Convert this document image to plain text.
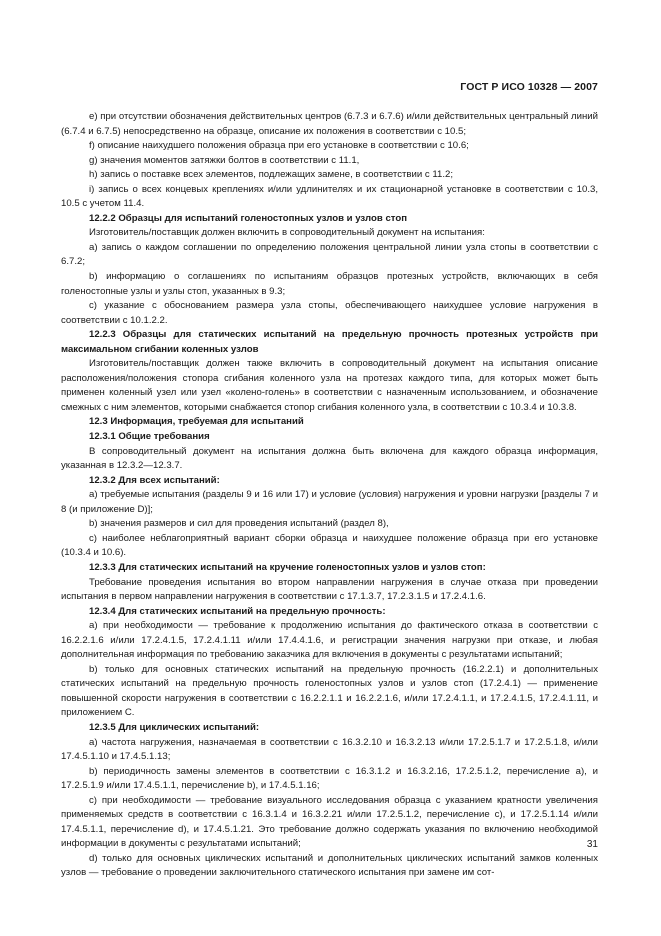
ГОСТ Р ИСО 10328 — 2007

e) при отсутствии обозначения действительных центров (6.7.3 и 6.7.6) и/или действительных центральный линий (6.7.4 и 6.7.5) непосредственно на образце, описание их положения в соответствии с 10.5;

f) описание наихудшего положения образца при его установке в соответствии с 10.6;

g) значения моментов затяжки болтов в соответствии с 11.1,

h) запись о поставке всех элементов, подлежащих замене, в соответствии с 11.2;

i) запись о всех концевых креплениях и/или удлинителях и их стационарной установке в соответствии с 10.3, 10.5 с учетом 11.4.

12.2.2 Образцы для испытаний голеностопных узлов и узлов стоп

Изготовитель/поставщик должен включить в сопроводительный документ на испытания:

a) запись о каждом соглашении по определению положения центральной линии узла стопы в соответствии с 6.7.2;

b) информацию о соглашениях по испытаниям образцов протезных устройств, включающих в себя голеностопные узлы и узлы стоп, указанных в 9.3;

c) указание с обоснованием размера узла стопы, обеспечивающего наихудшее условие нагружения в соответствии с 10.1.2.2.

12.2.3 Образцы для статических испытаний на предельную прочность протезных устройств при максимальном сгибании коленных узлов

Изготовитель/поставщик должен также включить в сопроводительный документ на испытания описание расположения/положения стопора сгибания коленного узла на протезах каждого типа, для которых может быть применен коленный узел или узел «колено-голень» в соответствии с назначенным использованием, и обозначение смежных с ним элементов, которыми снабжается стопор сгибания коленного узла, в соответствии с 10.3.4 и 10.3.8.

12.3 Информация, требуемая для испытаний

12.3.1 Общие требования

В сопроводительный документ на испытания должна быть включена для каждого образца информация, указанная в 12.3.2—12.3.7.

12.3.2 Для всех испытаний:

a) требуемые испытания (разделы 9 и 16 или 17) и условие (условия) нагружения и уровни нагрузки [разделы 7 и 8 (и приложение D)];

b) значения размеров и сил для проведения испытаний (раздел 8),

c) наиболее неблагоприятный вариант сборки образца и наихудшее положение образца при его установке (10.3.4 и 10.6).

12.3.3 Для статических испытаний на кручение голеностопных узлов и узлов стоп:

Требование проведения испытания во втором направлении нагружения в случае отказа при проведении испытания в первом направлении нагружения в соответствии с 17.1.3.7, 17.2.3.1.5 и 17.2.4.1.6.

12.3.4 Для статических испытаний на предельную прочность:

a) при необходимости — требование к продолжению испытания до фактического отказа в соответствии с 16.2.2.1.6 и/или 17.2.4.1.5, 17.2.4.1.11 и/или 17.4.4.1.6, и регистрации значения нагрузки при отказе, и любая дополнительная информация по требованию заказчика для включения в документы с результатами испытаний;

b) только для основных статических испытаний на предельную прочность (16.2.2.1) и дополнительных статических испытаний на предельную прочность голеностопных узлов и узлов стоп (17.2.4.1) — применение повышенной скорости нагружения в соответствии с 16.2.2.1.1 и 16.2.2.1.6, и/или 17.2.4.1.1, и 17.2.4.1.5, 17.2.4.1.11, и приложением С.

12.3.5 Для циклических испытаний:

a) частота нагружения, назначаемая в соответствии с 16.3.2.10 и 16.3.2.13 и/или 17.2.5.1.7 и 17.2.5.1.8, и/или 17.4.5.1.10 и 17.4.5.1.13;

b) периодичность замены элементов в соответствии с 16.3.1.2 и 16.3.2.16, 17.2.5.1.2, перечисление а), и 17.2.5.1.9 и/или 17.4.5.1.1, перечисление b), и 17.4.5.1.16;

c) при необходимости — требование визуального исследования образца с указанием кратности увеличения применяемых средств в соответствии с 16.3.1.4 и 16.3.2.21 и/или 17.2.5.1.2, перечисление c), и 17.2.5.1.14 и/или 17.4.5.1.1, перечисление d), и 17.4.5.1.21. Это требование должно содержать указания по включению необходимой информации в документы с результатами испытаний;

d) только для основных циклических испытаний и дополнительных циклических испытаний замков коленных узлов — требование о проведении заключительного статического испытания при замене им сот-

31
